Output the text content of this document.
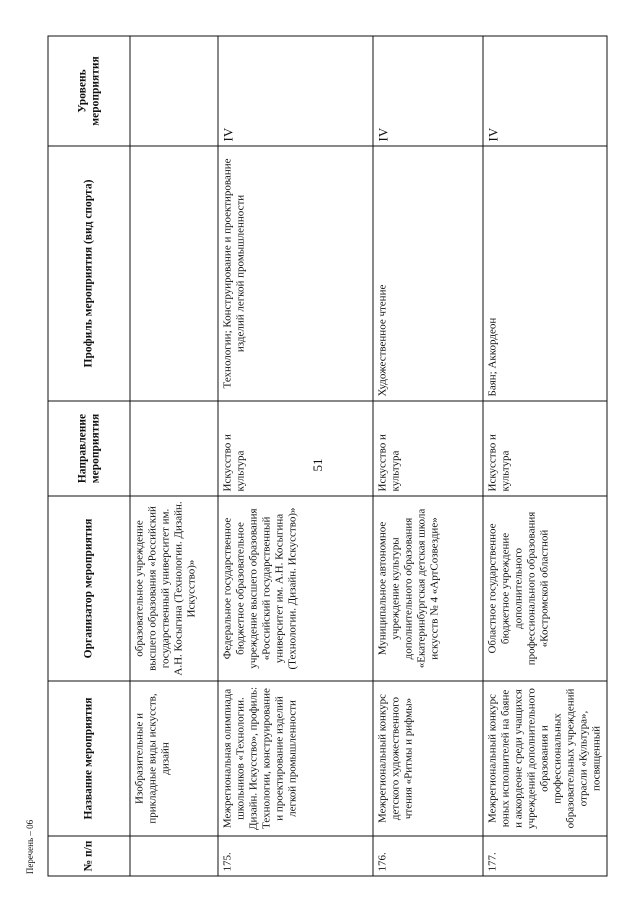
51
№ п/п	Название мероприятия	Организатор мероприятия	Направление мероприятия	Профиль мероприятия (вид спорта)	Уровень мероприятия
	Изобразительные и прикладные виды искусств, дизайн	образовательное учреждение высшего образования «Российский государственный университет им. А.Н. Косыгина (Технологии. Дизайн. Искусство)»			
175.	Межрегиональная олимпиада школьников «Технологии. Дизайн. Искусство», профиль: Технологии, конструирование и проектирование изделий легкой промышленности	Федеральное государственное бюджетное образовательное учреждение высшего образования «Российский государственный университет им. А.Н. Косыгина (Технологии. Дизайн. Искусство)»	Искусство и культура	Технологии; Конструирование и проектирование изделий легкой промышленности	IV
176.	Межрегиональный конкурс детского художественного чтения «Ритмы и рифмы»	Муниципальное автономное учреждение культуры дополнительного образования «Екатеринбургская детская школа искусств № 4 «АртСозвездие»	Искусство и культура	Художественное чтение	IV
177.	Межрегиональный конкурс юных исполнителей на баяне и аккордеоне среди учащихся учреждений дополнительного образования и профессиональных образовательных учреждений отрасли «Культура», посвященный	Областное государственное бюджетное учреждение дополнительного профессионального образования «Костромской областной	Искусство и культура	Баян; Аккордеон	IV
Перечень – 06
